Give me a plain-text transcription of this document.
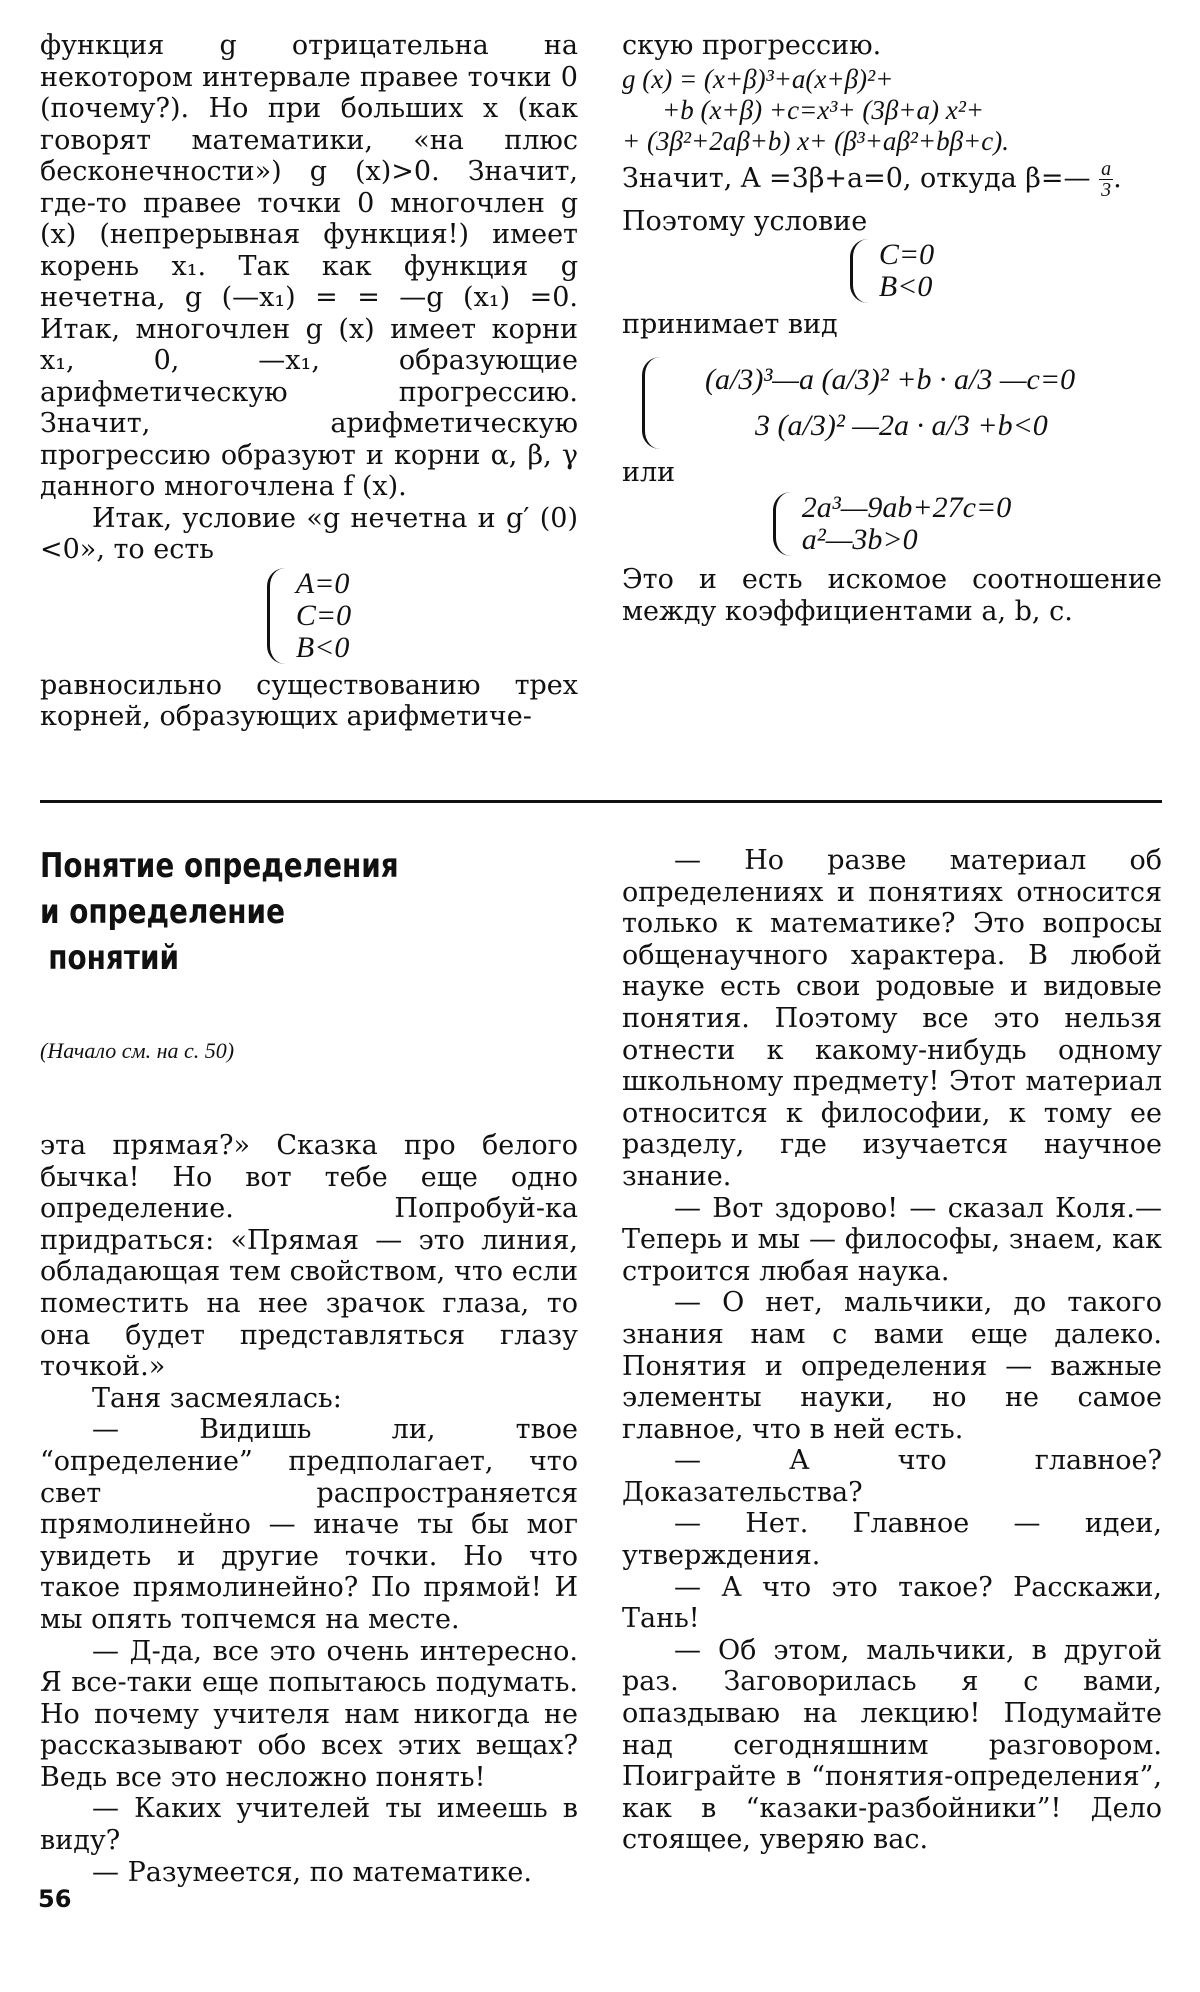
функция g отрицательна на некотором интервале правее точки 0 (почему?). Но при больших x (как говорят математики, «на плюс бесконечности») g (x)>0. Значит, где-то правее точки 0 многочлен g (x) (непрерывная функция!) имеет корень x₁. Так как функция g нечетна, g (—x₁) = = —g (x₁) =0. Итак, многочлен g (x) имеет корни x₁, 0, —x₁, образующие арифметическую прогрессию. Значит, арифметическую прогрессию образуют и корни α, β, γ данного многочлена f (x).

Итак, условие «g нечетна и g′ (0) <0», то есть

A=0
C=0
B<0

равносильно существованию трех корней, образующих арифметиче-

скую прогрессию.

g (x) = (x+β)³+a(x+β)²+
+b (x+β) +c=x³+ (3β+a) x²+
+ (3β²+2aβ+b) x+ (β³+aβ²+bβ+c).

Значит, A =3β+a=0, откуда β=— $\frac{a}{3}$ .

Поэтому условие

C=0
B<0

принимает вид

(a/3)³—a (a/3)² +b · a/3 —c=0
3 (a/3)² —2a · a/3 +b<0

или

2a³—9ab+27c=0
a²—3b>0

Это и есть искомое соотношение между коэффициентами a, b, c.

Понятие определения
и определение
понятий
(Начало см. на с. 50)

эта прямая?» Сказка про белого бычка! Но вот тебе еще одно определение. Попробуй-ка придраться: «Прямая — это линия, обладающая тем свойством, что если поместить на нее зрачок глаза, то она будет представляться глазу точкой.»

Таня засмеялась:

— Видишь ли, твое “определение” предполагает, что свет распространяется прямолинейно — иначе ты бы мог увидеть и другие точки. Но что такое прямолинейно? По прямой! И мы опять топчемся на месте.

— Д-да, все это очень интересно. Я все-таки еще попытаюсь подумать. Но почему учителя нам никогда не рассказывают обо всех этих вещах? Ведь все это несложно понять!

— Каких учителей ты имеешь в виду?

— Разумеется, по математике.

— Но разве материал об определениях и понятиях относится только к математике? Это вопросы общенаучного характера. В любой науке есть свои родовые и видовые понятия. Поэтому все это нельзя отнести к какому-нибудь одному школьному предмету! Этот материал относится к философии, к тому ее разделу, где изучается научное знание.

— Вот здорово! — сказал Коля.— Теперь и мы — философы, знаем, как строится любая наука.

— О нет, мальчики, до такого знания нам с вами еще далеко. Понятия и определения — важные элементы науки, но не самое главное, что в ней есть.

— А что главное? Доказательства?

— Нет. Главное — идеи, утверждения.

— А что это такое? Расскажи, Тань!

— Об этом, мальчики, в другой раз. Заговорилась я с вами, опаздываю на лекцию! Подумайте над сегодняшним разговором. Поиграйте в “понятия-определения”, как в “казаки-разбойники”! Дело стоящее, уверяю вас.

56
